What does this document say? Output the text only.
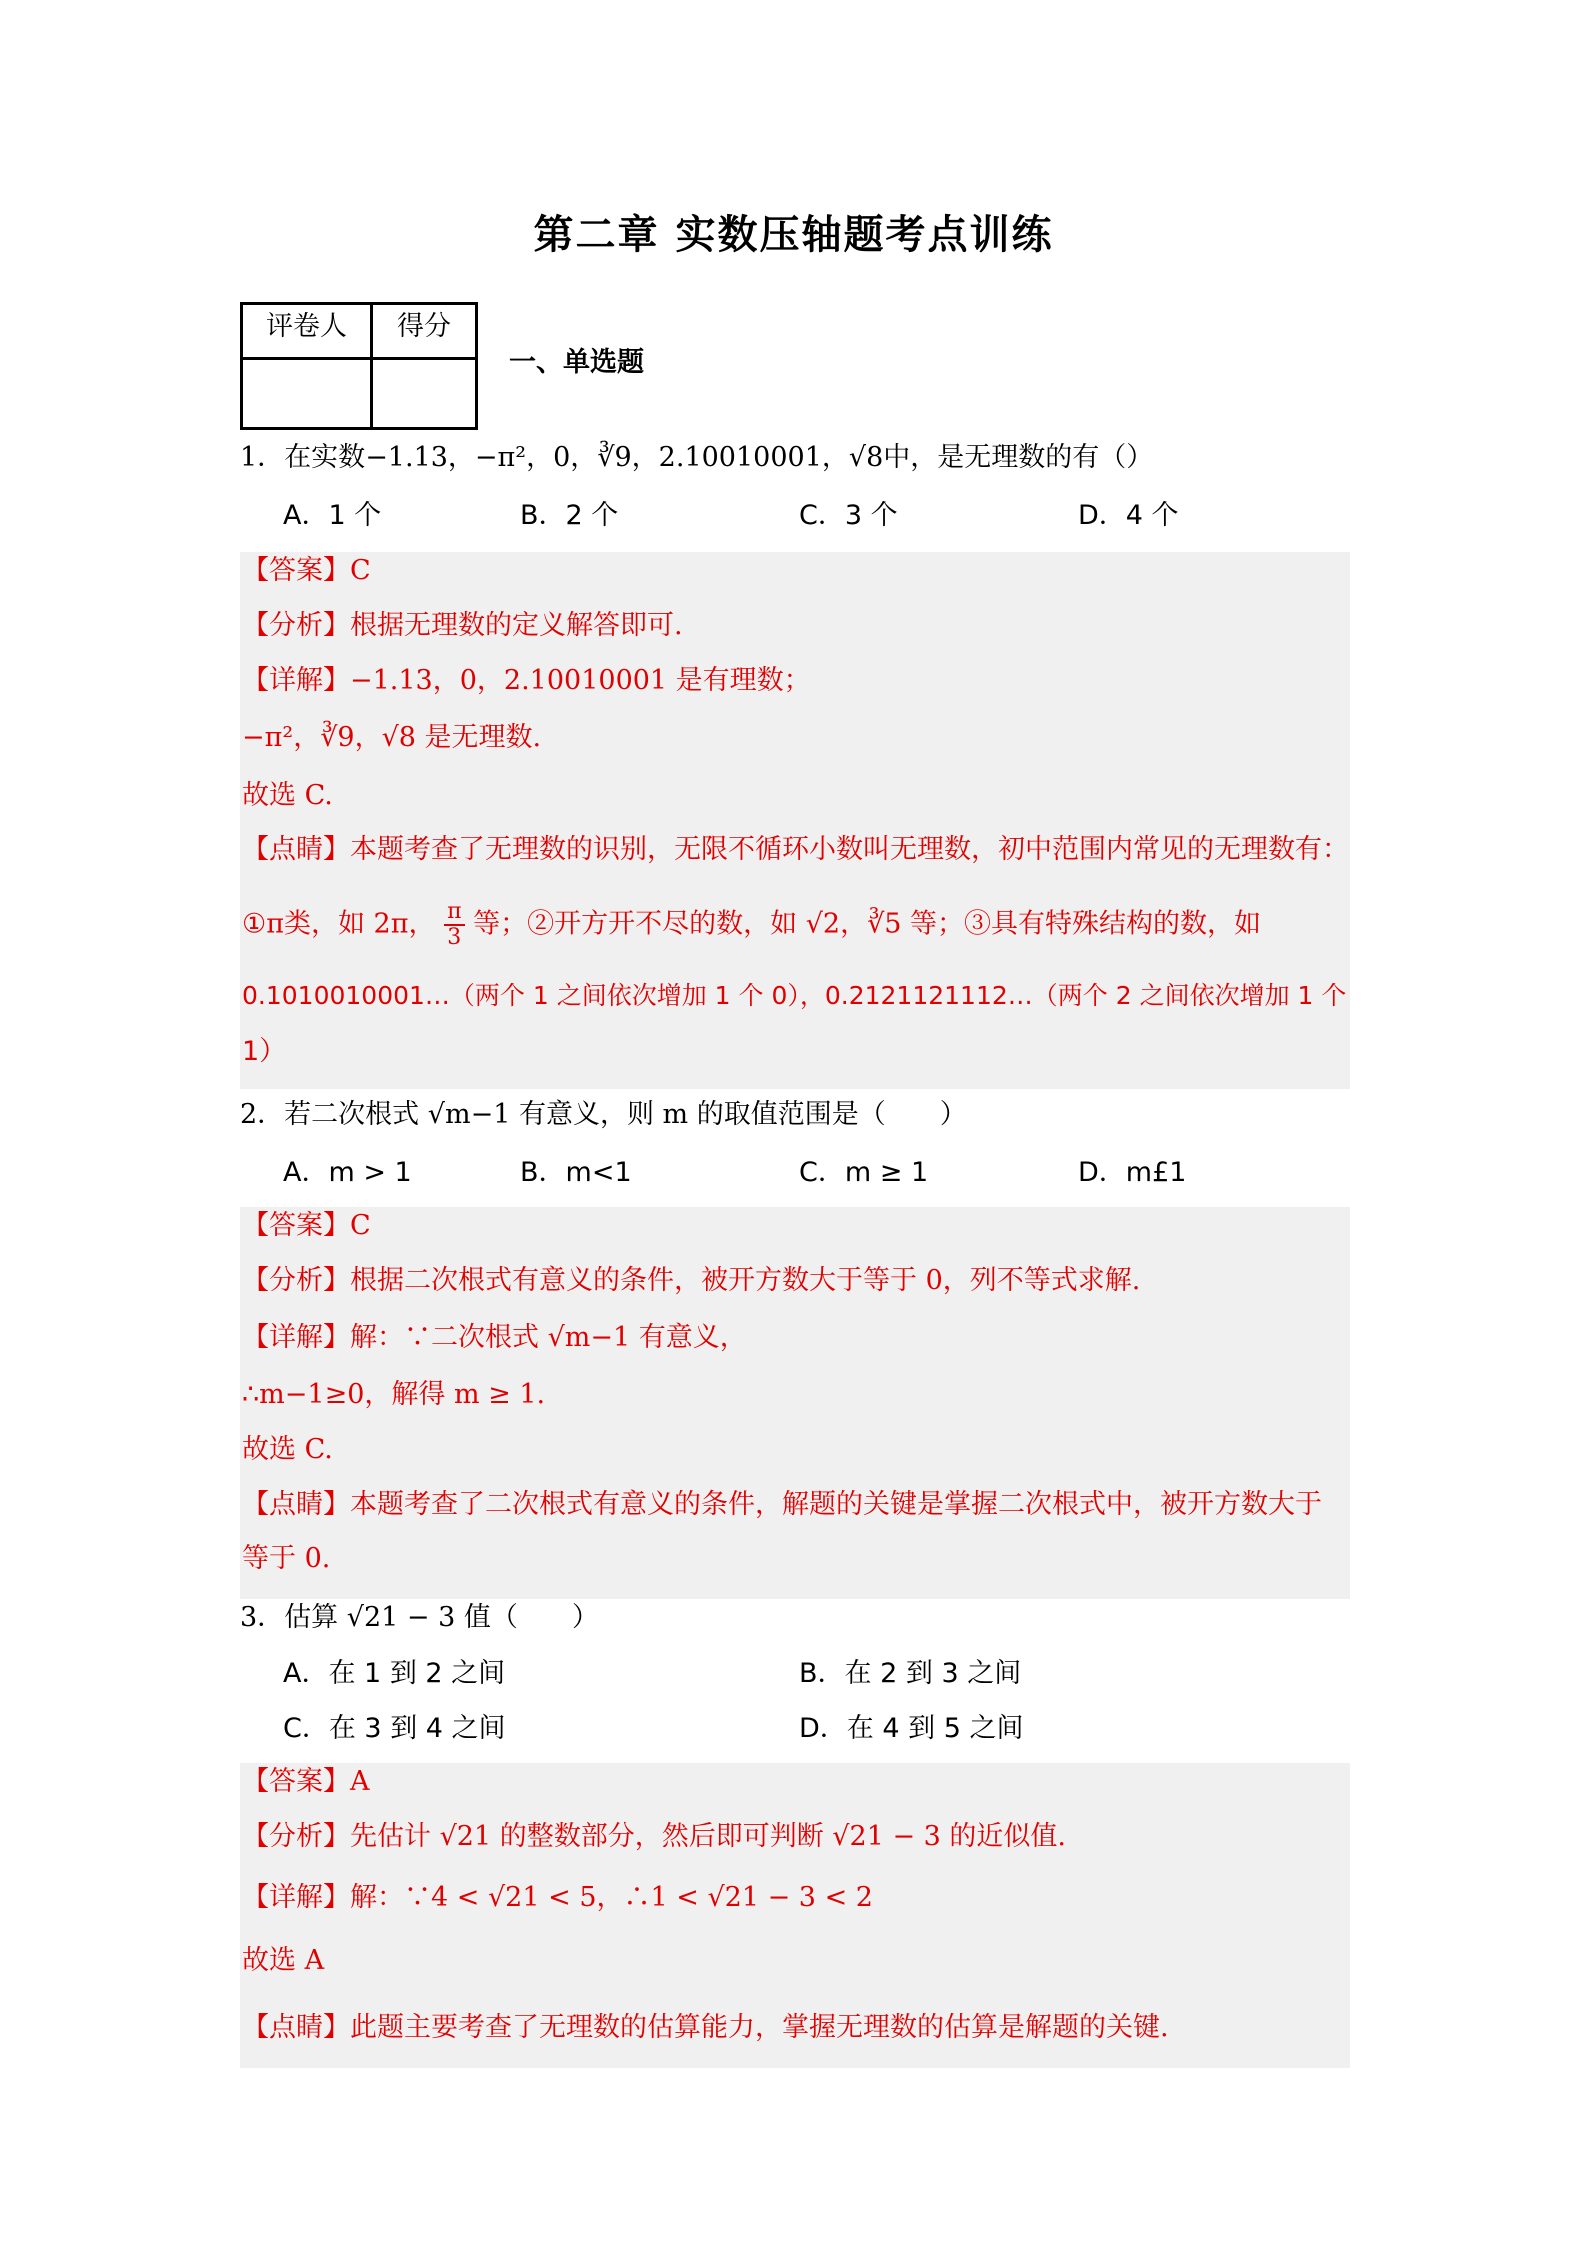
第二章 实数压轴题考点训练
评卷人	得分

一、单选题
1．在实数−1.13，−π²，0，∛9，2.10010001，√8中，是无理数的有（）
A．1 个	B．2 个	C．3 个	D．4 个
【答案】C
【分析】根据无理数的定义解答即可.
【详解】−1.13，0，2.10010001 是有理数；
−π²，∛9，√8 是无理数.
故选 C.
【点睛】本题考查了无理数的识别，无限不循环小数叫无理数，初中范围内常见的无理数有：
①π类，如 2π， $\frac{\pi}{3}$ 等；②开方开不尽的数，如 √2，∛5 等；③具有特殊结构的数，如
0.1010010001…（两个 1 之间依次增加 1 个 0），0.2121121112…（两个 2 之间依次增加 1 个
1）
2．若二次根式 √m−1 有意义，则 m 的取值范围是（　　）
A．m > 1	B．m<1	C．m ≥ 1	D．m£1
【答案】C
【分析】根据二次根式有意义的条件，被开方数大于等于 0，列不等式求解.
【详解】解：∵二次根式 √m−1 有意义，
∴m−1≥0，解得 m ≥ 1.
故选 C.
【点睛】本题考查了二次根式有意义的条件，解题的关键是掌握二次根式中，被开方数大于
等于 0.
3．估算 √21 − 3 值（　　）
A．在 1 到 2 之间	B．在 2 到 3 之间
C．在 3 到 4 之间	D．在 4 到 5 之间
【答案】A
【分析】先估计 √21 的整数部分，然后即可判断 √21 − 3 的近似值.
【详解】解：∵4 < √21 < 5，∴1 < √21 − 3 < 2
故选 A
【点睛】此题主要考查了无理数的估算能力，掌握无理数的估算是解题的关键.
